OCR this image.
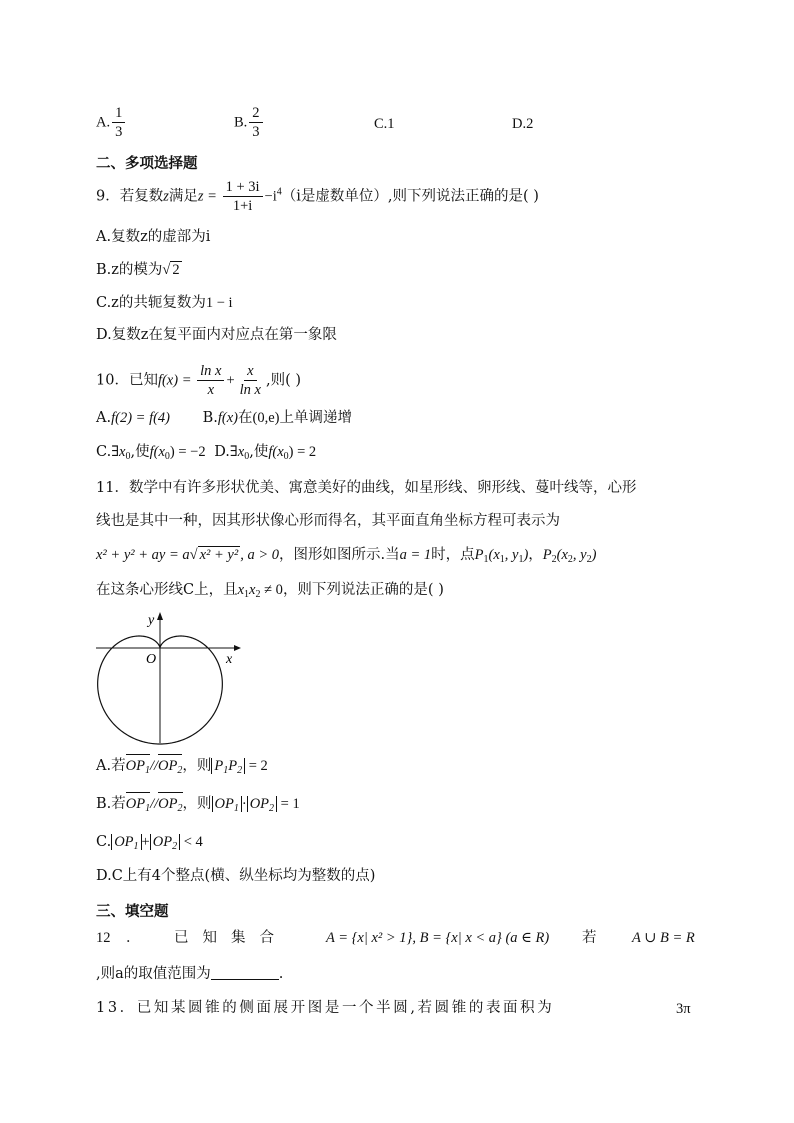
A. $\frac{1}{3}$	B. $\frac{2}{3}$	C.1	D.2
二、多项选择题
9．若复数z满足$z = \frac{1 + 3i}{1+i} -i^4(i$是虚数单位）,则下列说法正确的是( )
A.复数z的虚部为i
B.z的模为√ 2
C.z的共轭复数为1 − i
D.复数z在复平面内对应点在第一象限
10．已知$f(x) = \frac{\text{ln x}}{x} + \frac{x}{\text{ln x}}$ ,则( )
A.f(2) = f(4) B.f(x)在(0,e)上单调递增
$C.\exists x_0$,使$f(x_0) = -2$ $D.\exists x_0$,使$f(x_0) = 2$
11．数学中有许多形状优美、寓意美好的曲线，如星形线、卵形线、蔓叶线等，心形
线也是其中一种，因其形状像心形而得名，其平面直角坐标方程可表示为
x² + y² + ay = a√ x² + y² , a > 0，图形如图所示.当a = 1时，点$P_1(x_1$, $y_1$)，$P_2(x_2$, $y_2$)
在这条心形线C上，且$x_1x_2 \ne 0$，则下列说法正确的是( )
y
O	x
A.若$OP_1//OP_2$，则 $P_1P_2 = 2$
B.若$OP_1//OP_2$，则 $OP_1 \cdot OP_2 = 1$
C. $OP_1 + OP_2 < 4$
D.C上有4个整点(横、纵坐标均为整数的点)
三、填空题
12 ． 已知集合	A = {x| x² > 1}, B = {x| x < a} (a ∈ R) 若 A ∪ B = R
,则a的取值范围为	.
13．已知某圆锥的侧面展开图是一个半圆,若圆锥的表面积为	3π
